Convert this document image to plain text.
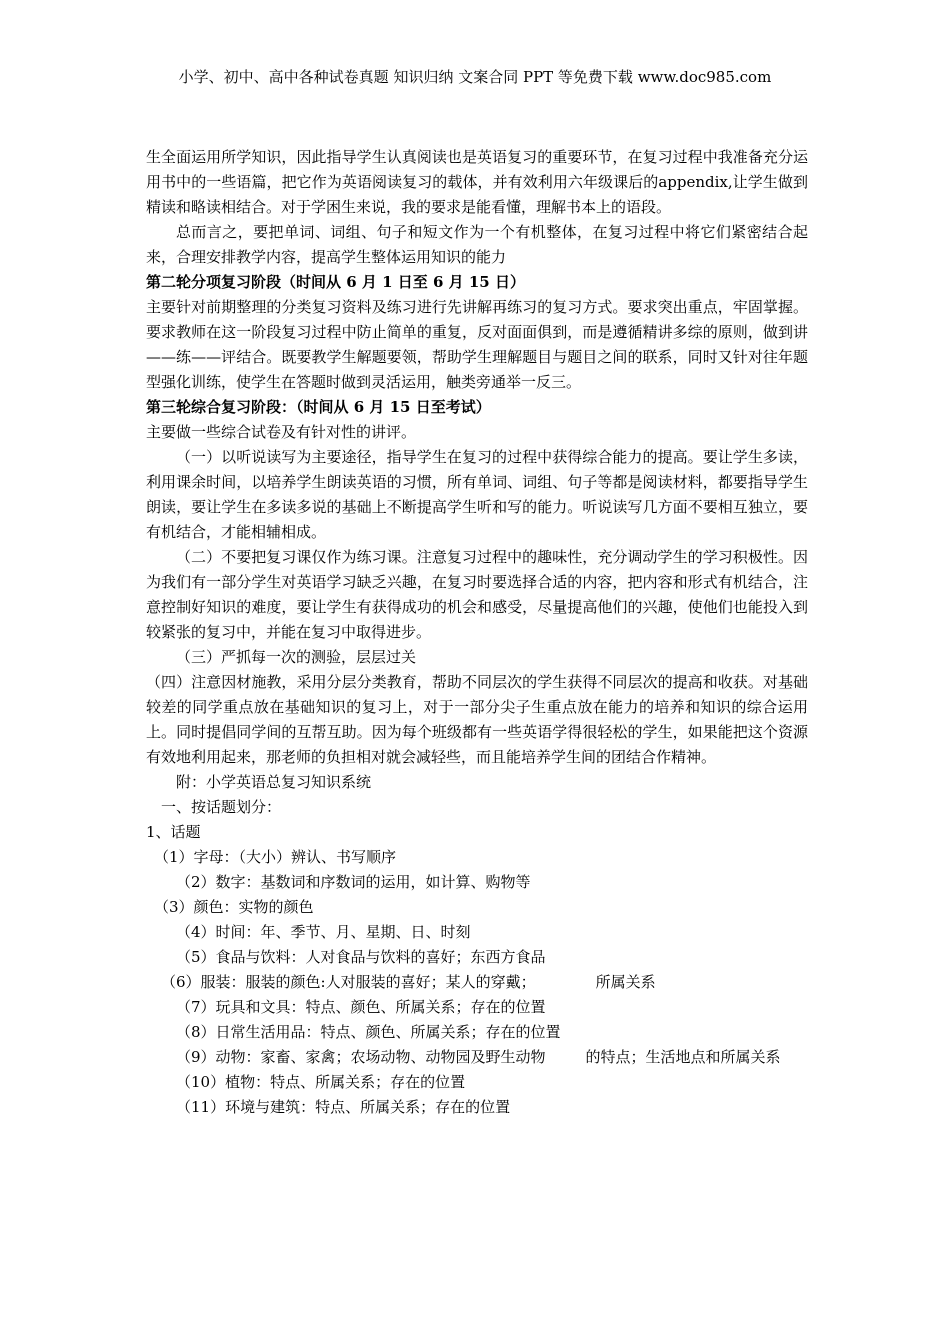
小学、初中、高中各种试卷真题 知识归纳 文案合同 PPT 等免费下载 www.doc985.com

生全面运用所学知识，因此指导学生认真阅读也是英语复习的重要环节，在复习过程中我准备充分运用书中的一些语篇，把它作为英语阅读复习的载体，并有效利用六年级课后的appendix,让学生做到精读和略读相结合。对于学困生来说，我的要求是能看懂，理解书本上的语段。

总而言之，要把单词、词组、句子和短文作为一个有机整体，在复习过程中将它们紧密结合起来，合理安排教学内容，提高学生整体运用知识的能力

第二轮分项复习阶段（时间从 6 月 1 日至 6 月 15 日）

主要针对前期整理的分类复习资料及练习进行先讲解再练习的复习方式。要求突出重点，牢固掌握。要求教师在这一阶段复习过程中防止简单的重复，反对面面俱到，而是遵循精讲多综的原则，做到讲——练——评结合。既要教学生解题要领，帮助学生理解题目与题目之间的联系，同时又针对往年题型强化训练，使学生在答题时做到灵活运用，触类旁通举一反三。

第三轮综合复习阶段：（时间从 6 月 15 日至考试）

主要做一些综合试卷及有针对性的讲评。

（一）以听说读写为主要途径，指导学生在复习的过程中获得综合能力的提高。要让学生多读，利用课余时间，以培养学生朗读英语的习惯，所有单词、词组、句子等都是阅读材料，都要指导学生朗读，要让学生在多读多说的基础上不断提高学生听和写的能力。听说读写几方面不要相互独立，要有机结合，才能相辅相成。

（二）不要把复习课仅作为练习课。注意复习过程中的趣味性，充分调动学生的学习积极性。因为我们有一部分学生对英语学习缺乏兴趣，在复习时要选择合适的内容，把内容和形式有机结合，注意控制好知识的难度，要让学生有获得成功的机会和感受，尽量提高他们的兴趣，使他们也能投入到较紧张的复习中，并能在复习中取得进步。

（三）严抓每一次的测验，层层过关

（四）注意因材施教，采用分层分类教育，帮助不同层次的学生获得不同层次的提高和收获。对基础较差的同学重点放在基础知识的复习上，对于一部分尖子生重点放在能力的培养和知识的综合运用上。同时提倡同学间的互帮互助。因为每个班级都有一些英语学得很轻松的学生，如果能把这个资源有效地利用起来，那老师的负担相对就会减轻些，而且能培养学生间的团结合作精神。

附：小学英语总复习知识系统

一、按话题划分：

1、话题

（1）字母：（大小）辨认、书写顺序

（2）数字：基数词和序数词的运用，如计算、购物等

（3）颜色：实物的颜色

（4）时间：年、季节、月、星期、日、时刻

（5）食品与饮料：人对食品与饮料的喜好；东西方食品

（6）服装：服装的颜色:人对服装的喜好；某人的穿戴；	所属关系

（7）玩具和文具：特点、颜色、所属关系；存在的位置

（8）日常生活用品：特点、颜色、所属关系；存在的位置

（9）动物：家畜、家禽；农场动物、动物园及野生动物	的特点；生活地点和所属关系

（10）植物：特点、所属关系；存在的位置

（11）环境与建筑：特点、所属关系；存在的位置
